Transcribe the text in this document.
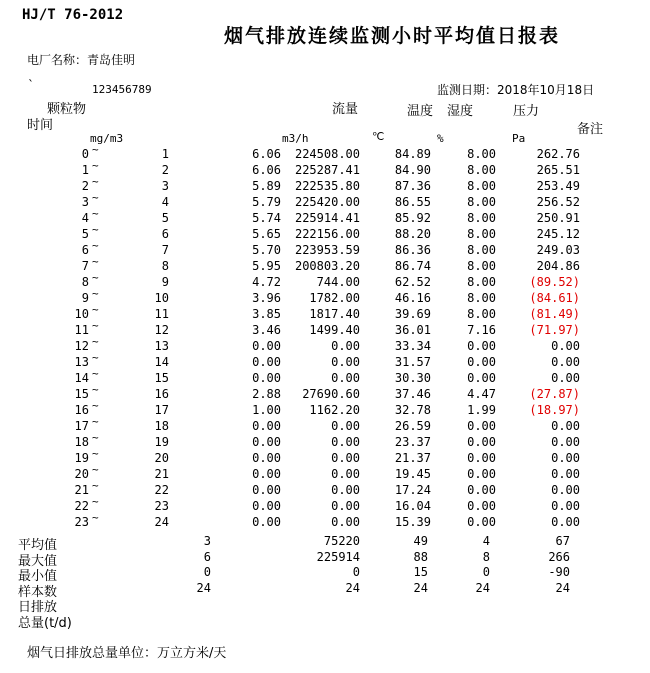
HJ/T 76-2012
烟气排放连续监测小时平均值日报表
电厂名称：青岛佳明
`	123456789	监测日期：2018年10月18日
颗粒物
时间
流量	温度 湿度	压力
备注
mg/m3	m3/h	℃	%	Pa
0 ~	1	6.06	224508.00	84.89	8.00	262.76
1 ~	2	6.06	225287.41	84.90	8.00	265.51
2 ~	3	5.89	222535.80	87.36	8.00	253.49
3 ~	4	5.79	225420.00	86.55	8.00	256.52
4 ~	5	5.74	225914.41	85.92	8.00	250.91
5 ~	6	5.65	222156.00	88.20	8.00	245.12
6 ~	7	5.70	223953.59	86.36	8.00	249.03
7 ~	8	5.95	200803.20	86.74	8.00	204.86
8 ~	9	4.72	744.00	62.52	8.00	(89.52)
9 ~	10	3.96	1782.00	46.16	8.00	(84.61)
10 ~	11	3.85	1817.40	39.69	8.00	(81.49)
11 ~	12	3.46	1499.40	36.01	7.16	(71.97)
12 ~	13	0.00	0.00	33.34	0.00	0.00
13 ~	14	0.00	0.00	31.57	0.00	0.00
14 ~	15	0.00	0.00	30.30	0.00	0.00
15 ~	16	2.88	27690.60	37.46	4.47	(27.87)
16 ~	17	1.00	1162.20	32.78	1.99	(18.97)
17 ~	18	0.00	0.00	26.59	0.00	0.00
18 ~	19	0.00	0.00	23.37	0.00	0.00
19 ~	20	0.00	0.00	21.37	0.00	0.00
20 ~	21	0.00	0.00	19.45	0.00	0.00
21 ~	22	0.00	0.00	17.24	0.00	0.00
22 ~	23	0.00	0.00	16.04	0.00	0.00
23 ~	24	0.00	0.00	15.39	0.00	0.00
平均值	3	75220	49	4	67
最大值	6	225914	88	8	266
最小值	0	0	15	0	-90
样本数	24	24	24	24	24
日排放
总量(t/d)
烟气日排放总量单位：万立方米/天
